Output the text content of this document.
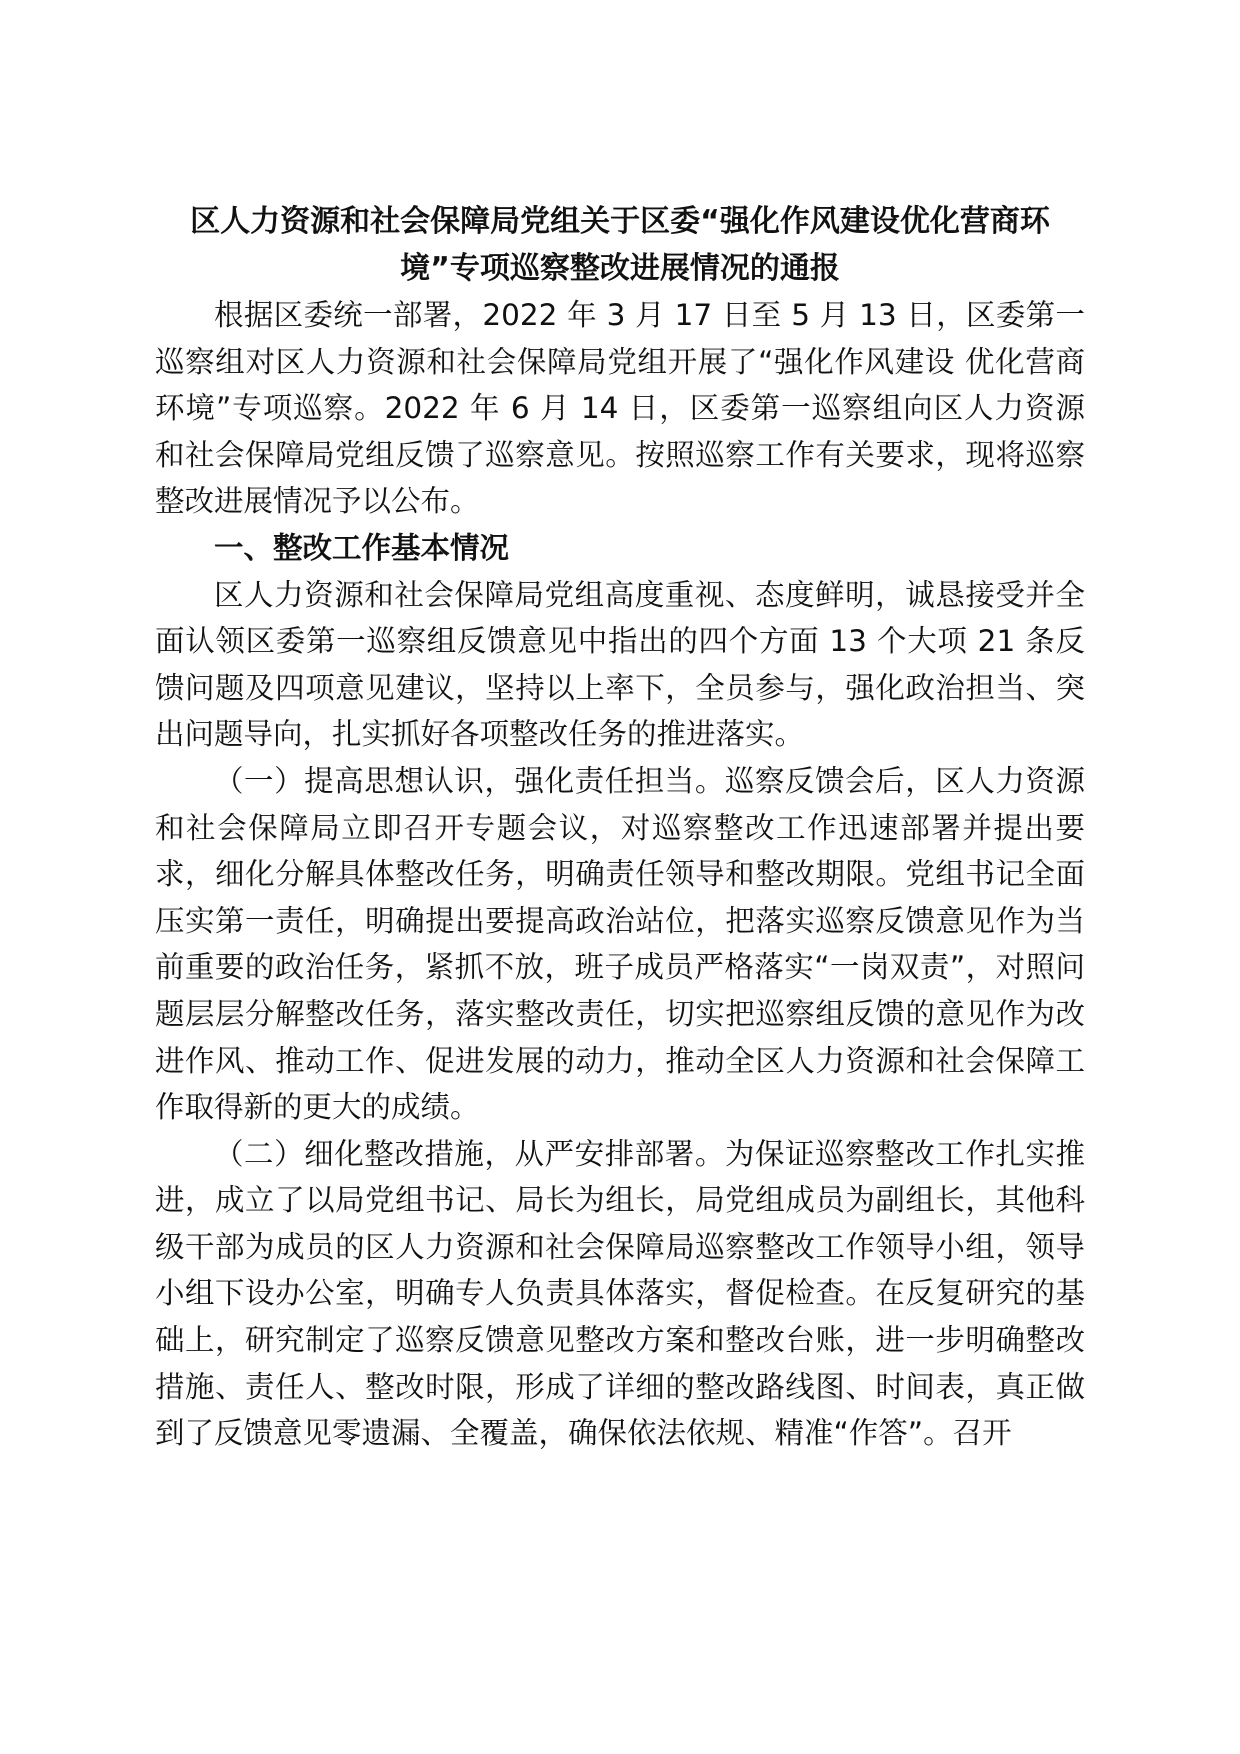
区人力资源和社会保障局党组关于区委“强化作风建设优化营商环境”专项巡察整改进展情况的通报

根据区委统一部署，2022 年 3 月 17 日至 5 月 13 日，区委第一巡察组对区人力资源和社会保障局党组开展了“强化作风建设 优化营商环境”专项巡察。2022 年 6 月 14 日，区委第一巡察组向区人力资源和社会保障局党组反馈了巡察意见。按照巡察工作有关要求，现将巡察整改进展情况予以公布。

一、整改工作基本情况

区人力资源和社会保障局党组高度重视、态度鲜明，诚恳接受并全面认领区委第一巡察组反馈意见中指出的四个方面 13 个大项 21 条反馈问题及四项意见建议，坚持以上率下，全员参与，强化政治担当、突出问题导向，扎实抓好各项整改任务的推进落实。

（一）提高思想认识，强化责任担当。巡察反馈会后，区人力资源和社会保障局立即召开专题会议，对巡察整改工作迅速部署并提出要求，细化分解具体整改任务，明确责任领导和整改期限。党组书记全面压实第一责任，明确提出要提高政治站位，把落实巡察反馈意见作为当前重要的政治任务，紧抓不放，班子成员严格落实“一岗双责”，对照问题层层分解整改任务，落实整改责任，切实把巡察组反馈的意见作为改进作风、推动工作、促进发展的动力，推动全区人力资源和社会保障工作取得新的更大的成绩。

（二）细化整改措施，从严安排部署。为保证巡察整改工作扎实推进，成立了以局党组书记、局长为组长，局党组成员为副组长，其他科级干部为成员的区人力资源和社会保障局巡察整改工作领导小组，领导小组下设办公室，明确专人负责具体落实，督促检查。在反复研究的基础上，研究制定了巡察反馈意见整改方案和整改台账，进一步明确整改措施、责任人、整改时限，形成了详细的整改路线图、时间表，真正做到了反馈意见零遗漏、全覆盖，确保依法依规、精准“作答”。召开
